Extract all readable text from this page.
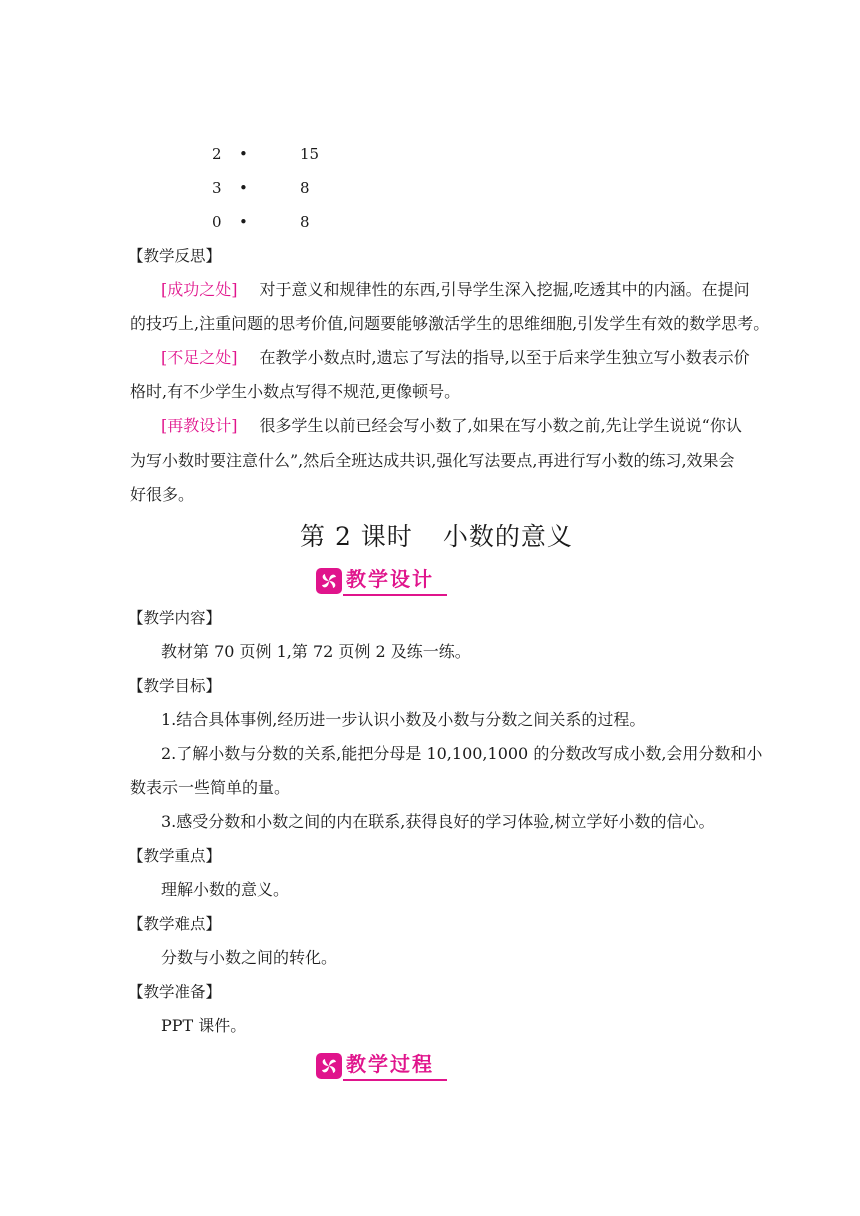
2 •	15
3 •	8
0 •	8
【教学反思】
[成功之处] 对于意义和规律性的东西,引导学生深入挖掘,吃透其中的内涵。在提问
的技巧上,注重问题的思考价值,问题要能够激活学生的思维细胞,引发学生有效的数学思考。
[不足之处] 在教学小数点时,遗忘了写法的指导,以至于后来学生独立写小数表示价
格时,有不少学生小数点写得不规范,更像顿号。
[再教设计] 很多学生以前已经会写小数了,如果在写小数之前,先让学生说说“你认
为写小数时要注意什么”,然后全班达成共识,强化写法要点,再进行写小数的练习,效果会
好很多。
第 2 课时 小数的意义
教学设计
【教学内容】
教材第 70 页例 1,第 72 页例 2 及练一练。
【教学目标】
1.结合具体事例,经历进一步认识小数及小数与分数之间关系的过程。
2.了解小数与分数的关系,能把分母是 10,100,1000 的分数改写成小数,会用分数和小
数表示一些简单的量。
3.感受分数和小数之间的内在联系,获得良好的学习体验,树立学好小数的信心。
【教学重点】
理解小数的意义。
【教学难点】
分数与小数之间的转化。
【教学准备】
PPT 课件。
教学过程
